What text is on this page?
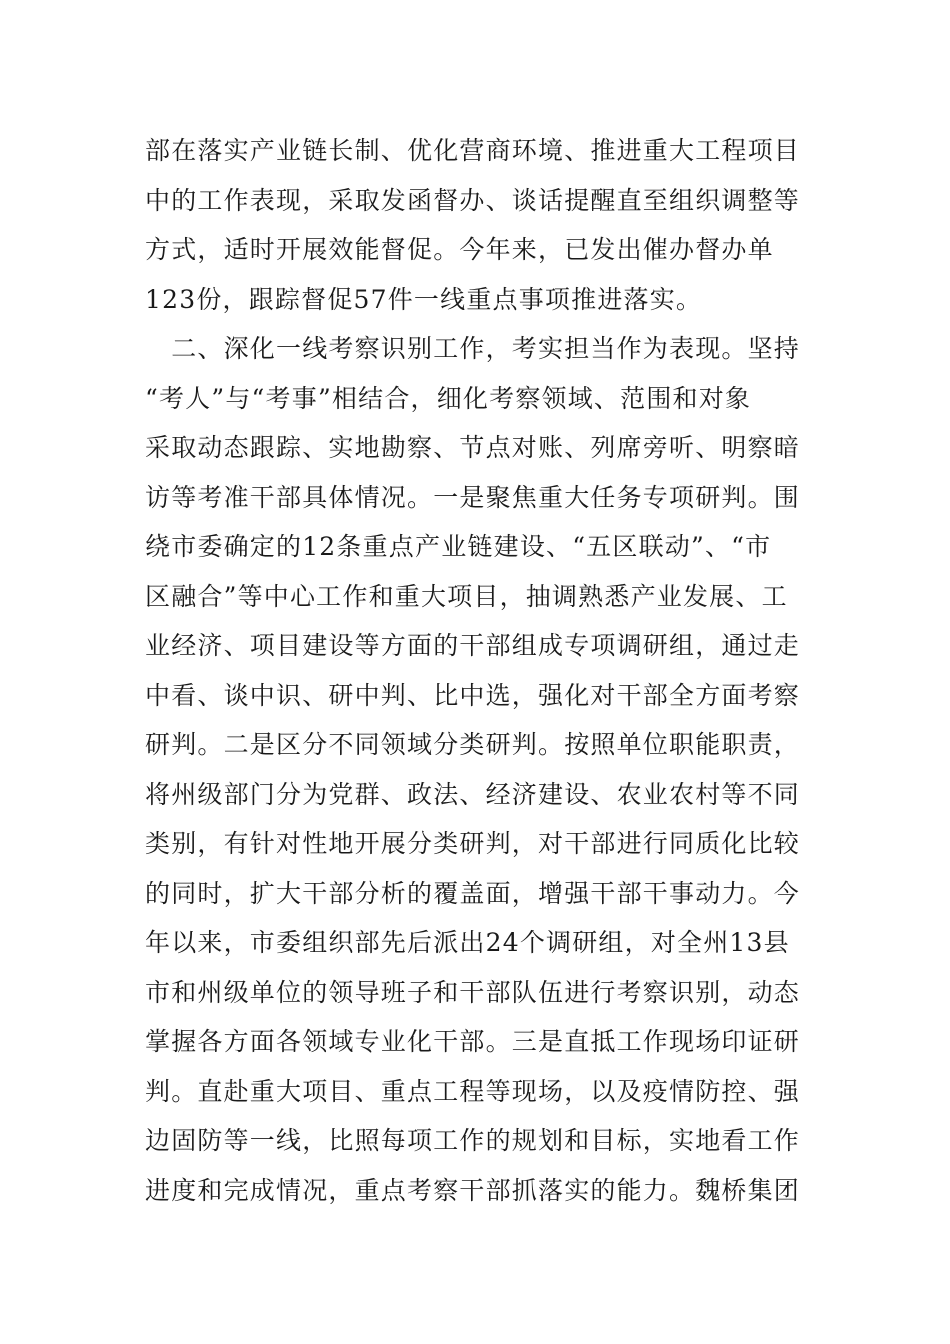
部在落实产业链长制、优化营商环境、推进重大工程项目
中的工作表现，采取发函督办、谈话提醒直至组织调整等
方式，适时开展效能督促。今年来，已发出催办督办单
123份，跟踪督促57件一线重点事项推进落实。
　二、深化一线考察识别工作，考实担当作为表现。坚持
“考人”与“考事”相结合，细化考察领域、范围和对象
采取动态跟踪、实地勘察、节点对账、列席旁听、明察暗
访等考准干部具体情况。一是聚焦重大任务专项研判。围
绕市委确定的12条重点产业链建设、“五区联动”、“市
区融合”等中心工作和重大项目，抽调熟悉产业发展、工
业经济、项目建设等方面的干部组成专项调研组，通过走
中看、谈中识、研中判、比中选，强化对干部全方面考察
研判。二是区分不同领域分类研判。按照单位职能职责，
将州级部门分为党群、政法、经济建设、农业农村等不同
类别，有针对性地开展分类研判，对干部进行同质化比较
的同时，扩大干部分析的覆盖面，增强干部干事动力。今
年以来，市委组织部先后派出24个调研组，对全州13县
市和州级单位的领导班子和干部队伍进行考察识别，动态
掌握各方面各领域专业化干部。三是直抵工作现场印证研
判。直赴重大项目、重点工程等现场，以及疫情防控、强
边固防等一线，比照每项工作的规划和目标，实地看工作
进度和完成情况，重点考察干部抓落实的能力。魏桥集团
